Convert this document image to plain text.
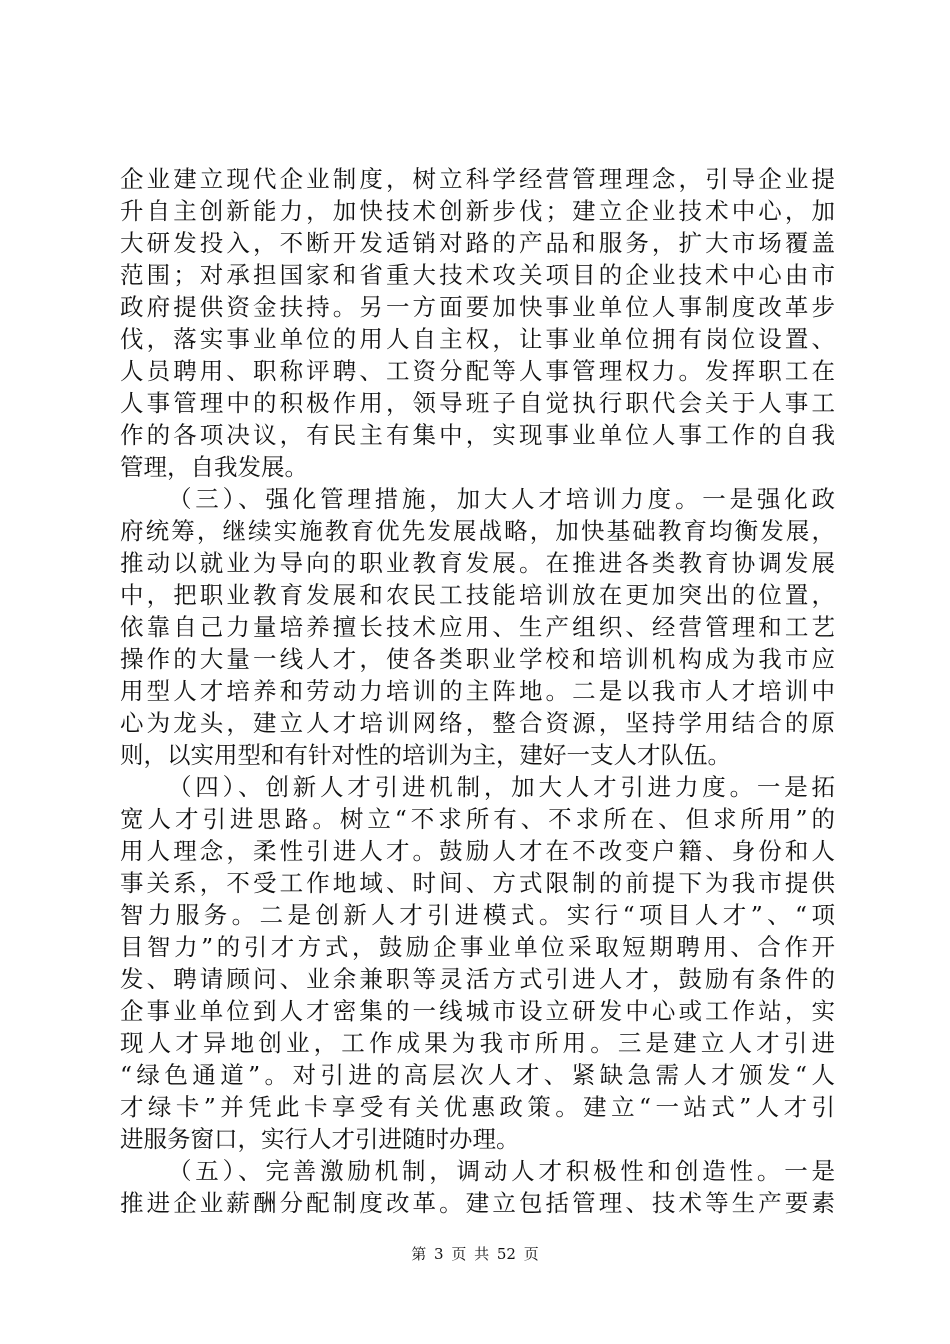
企业建立现代企业制度，树立科学经营管理理念，引导企业提
升自主创新能力，加快技术创新步伐；建立企业技术中心，加
大研发投入，不断开发适销对路的产品和服务，扩大市场覆盖
范围；对承担国家和省重大技术攻关项目的企业技术中心由市
政府提供资金扶持。另一方面要加快事业单位人事制度改革步
伐，落实事业单位的用人自主权，让事业单位拥有岗位设置、
人员聘用、职称评聘、工资分配等人事管理权力。发挥职工在
人事管理中的积极作用，领导班子自觉执行职代会关于人事工
作的各项决议，有民主有集中，实现事业单位人事工作的自我
管理，自我发展。
（三）、强化管理措施，加大人才培训力度。一是强化政
府统筹，继续实施教育优先发展战略，加快基础教育均衡发展，
推动以就业为导向的职业教育发展。在推进各类教育协调发展
中，把职业教育发展和农民工技能培训放在更加突出的位置，
依靠自己力量培养擅长技术应用、生产组织、经营管理和工艺
操作的大量一线人才，使各类职业学校和培训机构成为我市应
用型人才培养和劳动力培训的主阵地。二是以我市人才培训中
心为龙头，建立人才培训网络，整合资源，坚持学用结合的原
则，以实用型和有针对性的培训为主，建好一支人才队伍。
（四）、创新人才引进机制，加大人才引进力度。一是拓
宽人才引进思路。树立“不求所有、不求所在、但求所用”的
用人理念，柔性引进人才。鼓励人才在不改变户籍、身份和人
事关系，不受工作地域、时间、方式限制的前提下为我市提供
智力服务。二是创新人才引进模式。实行“项目人才”、“项
目智力”的引才方式，鼓励企事业单位采取短期聘用、合作开
发、聘请顾问、业余兼职等灵活方式引进人才，鼓励有条件的
企事业单位到人才密集的一线城市设立研发中心或工作站，实
现人才异地创业，工作成果为我市所用。三是建立人才引进
“绿色通道”。对引进的高层次人才、紧缺急需人才颁发“人
才绿卡”并凭此卡享受有关优惠政策。建立“一站式”人才引
进服务窗口，实行人才引进随时办理。
（五）、完善激励机制，调动人才积极性和创造性。一是
推进企业薪酬分配制度改革。建立包括管理、技术等生产要素
第 3 页 共 52 页
